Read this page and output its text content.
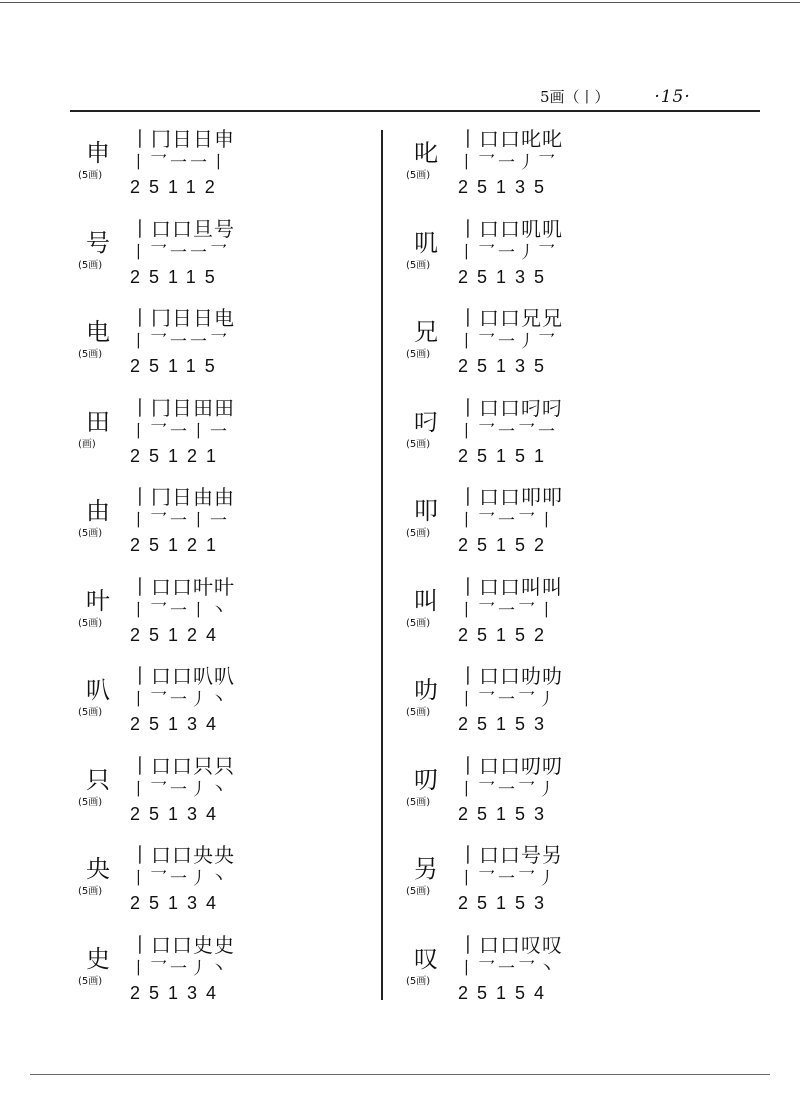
5画（丨）	·15·
申
(5画)
丨冂日日申
丨乛一一丨
25112
号
(5画)
丨口口旦号
丨乛一一乛
25115
电
(5画)
丨冂日日电
丨乛一一乛
25115
田
(画)
丨冂日田田
丨乛一丨一
25121
由
(5画)
丨冂日由由
丨乛一丨一
25121
叶
(5画)
丨口口叶叶
丨乛一丨丶
25124
叭
(5画)
丨口口叭叭
丨乛一丿丶
25134
只
(5画)
丨口口只只
丨乛一丿丶
25134
央
(5画)
丨口口央央
丨乛一丿丶
25134
史
(5画)
丨口口史史
丨乛一丿丶
25134
叱
(5画)
丨口口叱叱
丨乛一丿乛
25135
叽
(5画)
丨口口叽叽
丨乛一丿乛
25135
兄
(5画)
丨口口兄兄
丨乛一丿乛
25135
叼
(5画)
丨口口叼叼
丨乛一乛一
25151
叩
(5画)
丨口口叩叩
丨乛一乛丨
25152
叫
(5画)
丨口口叫叫
丨乛一乛丨
25152
叻
(5画)
丨口口叻叻
丨乛一乛丿
25153
叨
(5画)
丨口口叨叨
丨乛一乛丿
25153
另
(5画)
丨口口号另
丨乛一乛丿
25153
叹
(5画)
丨口口叹叹
丨乛一乛丶
25154
